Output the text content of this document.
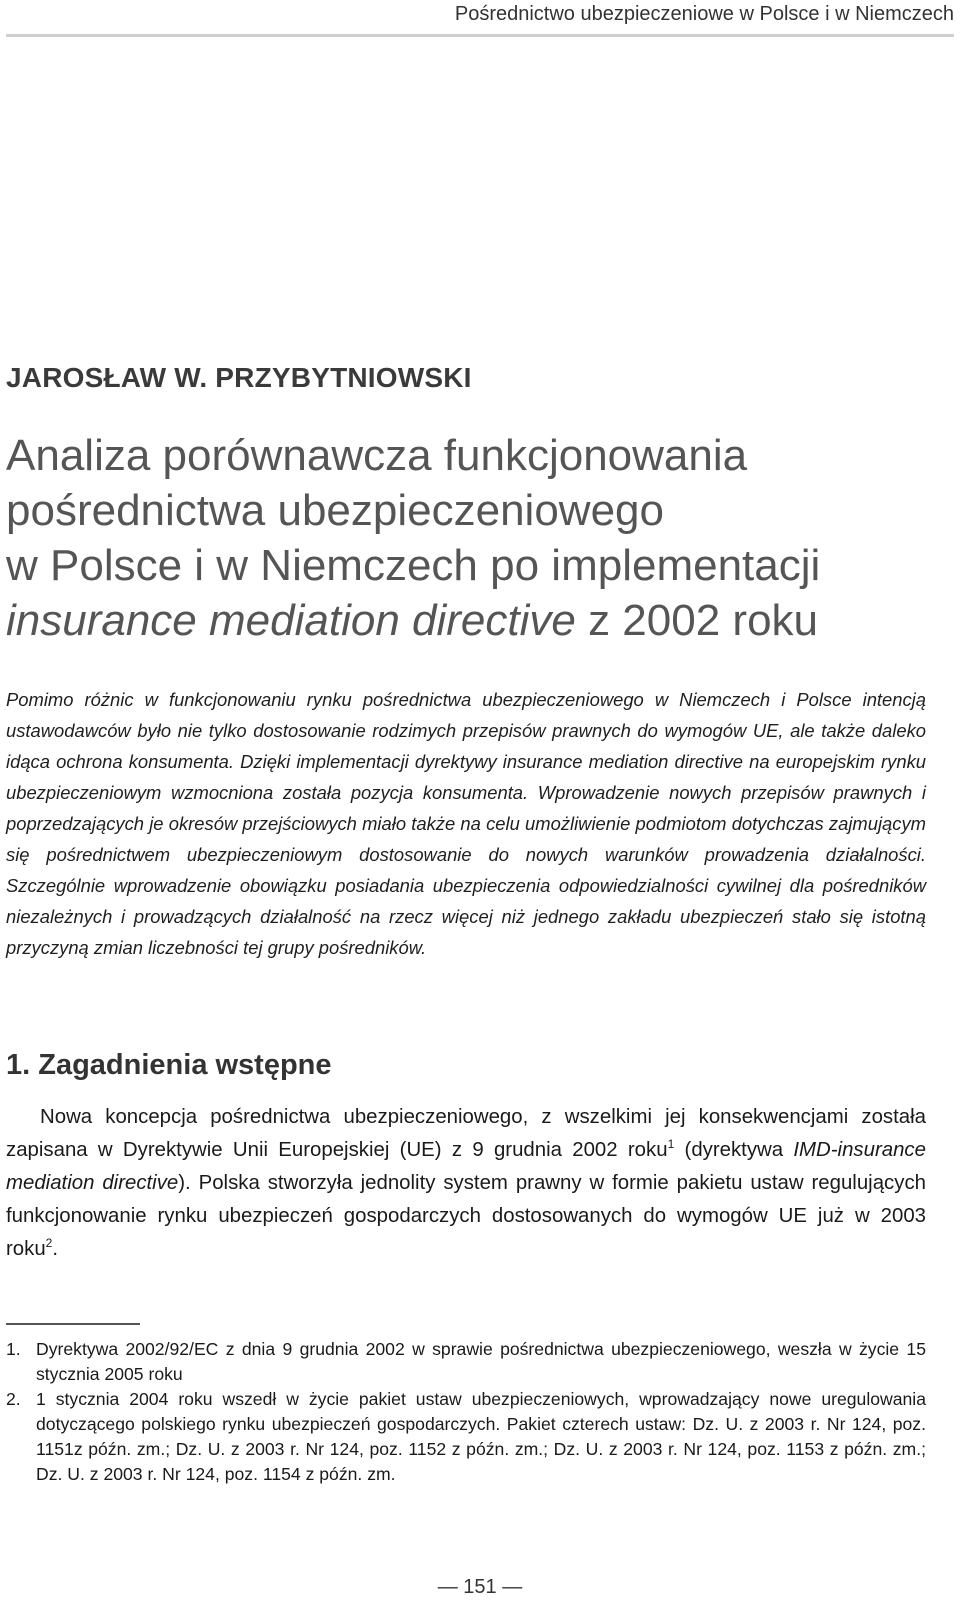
Pośrednictwo ubezpieczeniowe w Polsce i w Niemczech
JAROSŁAW W. PRZYBYTNIOWSKI
Analiza porównawcza funkcjonowania
pośrednictwa ubezpieczeniowego
w Polsce i w Niemczech po implementacji
insurance mediation directive z 2002 roku

Pomimo różnic w funkcjonowaniu rynku pośrednictwa ubezpieczeniowego w Niemczech i Polsce intencją ustawodawców było nie tylko dostosowanie rodzimych przepisów prawnych do wymogów UE, ale także daleko idąca ochrona konsumenta. Dzięki implementacji dyrektywy insurance mediation directive na europejskim rynku ubezpieczeniowym wzmocniona została pozycja konsumenta. Wprowadzenie nowych przepisów prawnych i poprzedzających je okresów przejściowych miało także na celu umożliwienie podmiotom dotychczas zajmującym się pośrednictwem ubezpieczeniowym dostosowanie do nowych warunków prowadzenia działalności. Szczególnie wprowadzenie obowiązku posiadania ubezpieczenia odpowiedzialności cywilnej dla pośredników niezależnych i prowadzących działalność na rzecz więcej niż jednego zakładu ubezpieczeń stało się istotną przyczyną zmian liczebności tej grupy pośredników.

1. Zagadnienia wstępne

Nowa koncepcja pośrednictwa ubezpieczeniowego, z wszelkimi jej konsekwencjami została zapisana w Dyrektywie Unii Europejskiej (UE) z 9 grudnia 2002 roku$^1$ (dyrektywa IMD-insurance mediation directive). Polska stworzyła jednolity system prawny w formie pakietu ustaw regulujących funkcjonowanie rynku ubezpieczeń gospodarczych dostosowanych do wymogów UE już w 2003 roku$^2$.

1. Dyrektywa 2002/92/EC z dnia 9 grudnia 2002 w sprawie pośrednictwa ubezpieczeniowego, weszła w życie 15 stycznia 2005 roku
2. 1 stycznia 2004 roku wszedł w życie pakiet ustaw ubezpieczeniowych, wprowadzający nowe uregulowania dotyczącego polskiego rynku ubezpieczeń gospodarczych. Pakiet czterech ustaw: Dz. U. z 2003 r. Nr 124, poz. 1151z późn. zm.; Dz. U. z 2003 r. Nr 124, poz. 1152 z późn. zm.; Dz. U. z 2003 r. Nr 124, poz. 1153 z późn. zm.; Dz. U. z 2003 r. Nr 124, poz. 1154 z późn. zm.
— 151 —
